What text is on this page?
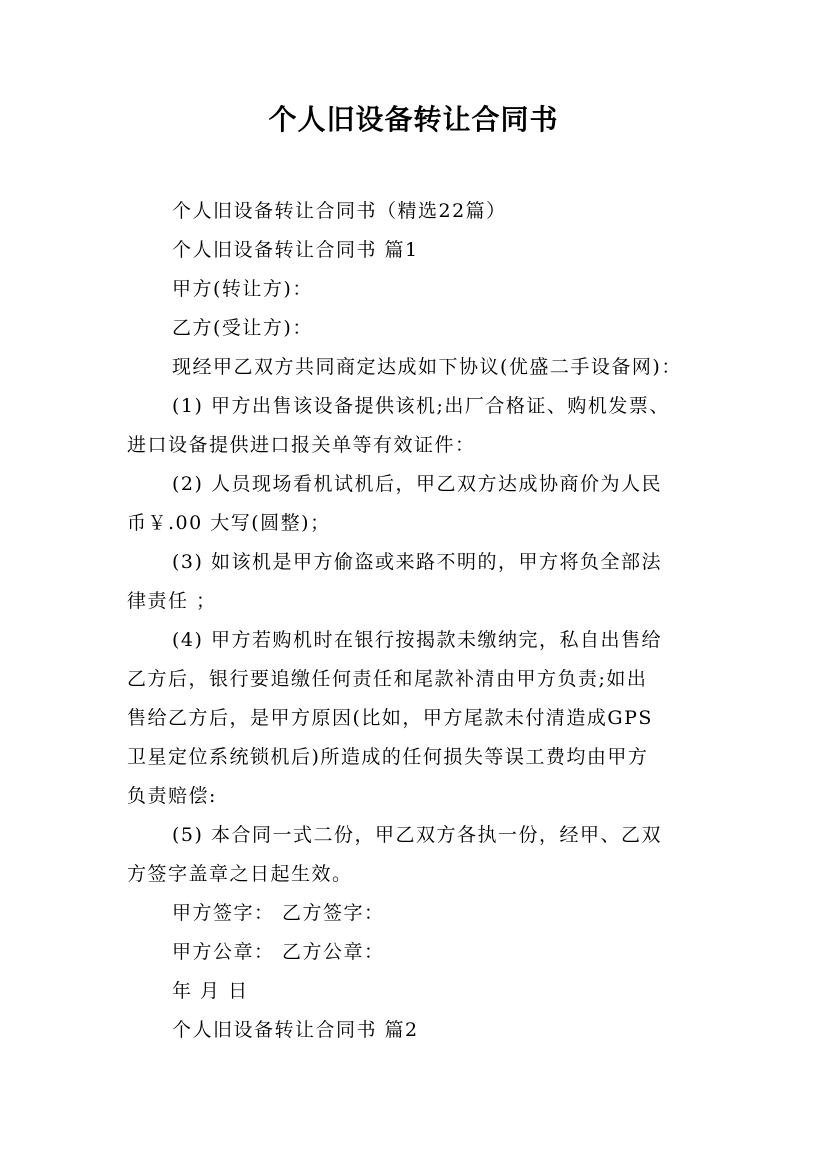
个人旧设备转让合同书
个人旧设备转让合同书（精选22篇）
个人旧设备转让合同书 篇1
甲方(转让方)：
乙方(受让方)：
现经甲乙双方共同商定达成如下协议(优盛二手设备网)：
(1) 甲方出售该设备提供该机;出厂合格证、购机发票、
进口设备提供进口报关单等有效证件：
(2) 人员现场看机试机后，甲乙双方达成协商价为人民
币￥.00 大写(圆整)；
(3) 如该机是甲方偷盗或来路不明的，甲方将负全部法
律责任 ；
(4) 甲方若购机时在银行按揭款未缴纳完，私自出售给
乙方后，银行要追缴任何责任和尾款补清由甲方负责;如出
售给乙方后，是甲方原因(比如，甲方尾款未付清造成GPS
卫星定位系统锁机后)所造成的任何损失等误工费均由甲方
负责赔偿:
(5) 本合同一式二份，甲乙双方各执一份，经甲、乙双
方签字盖章之日起生效。
甲方签字： 乙方签字：
甲方公章： 乙方公章：
年 月 日
个人旧设备转让合同书 篇2
